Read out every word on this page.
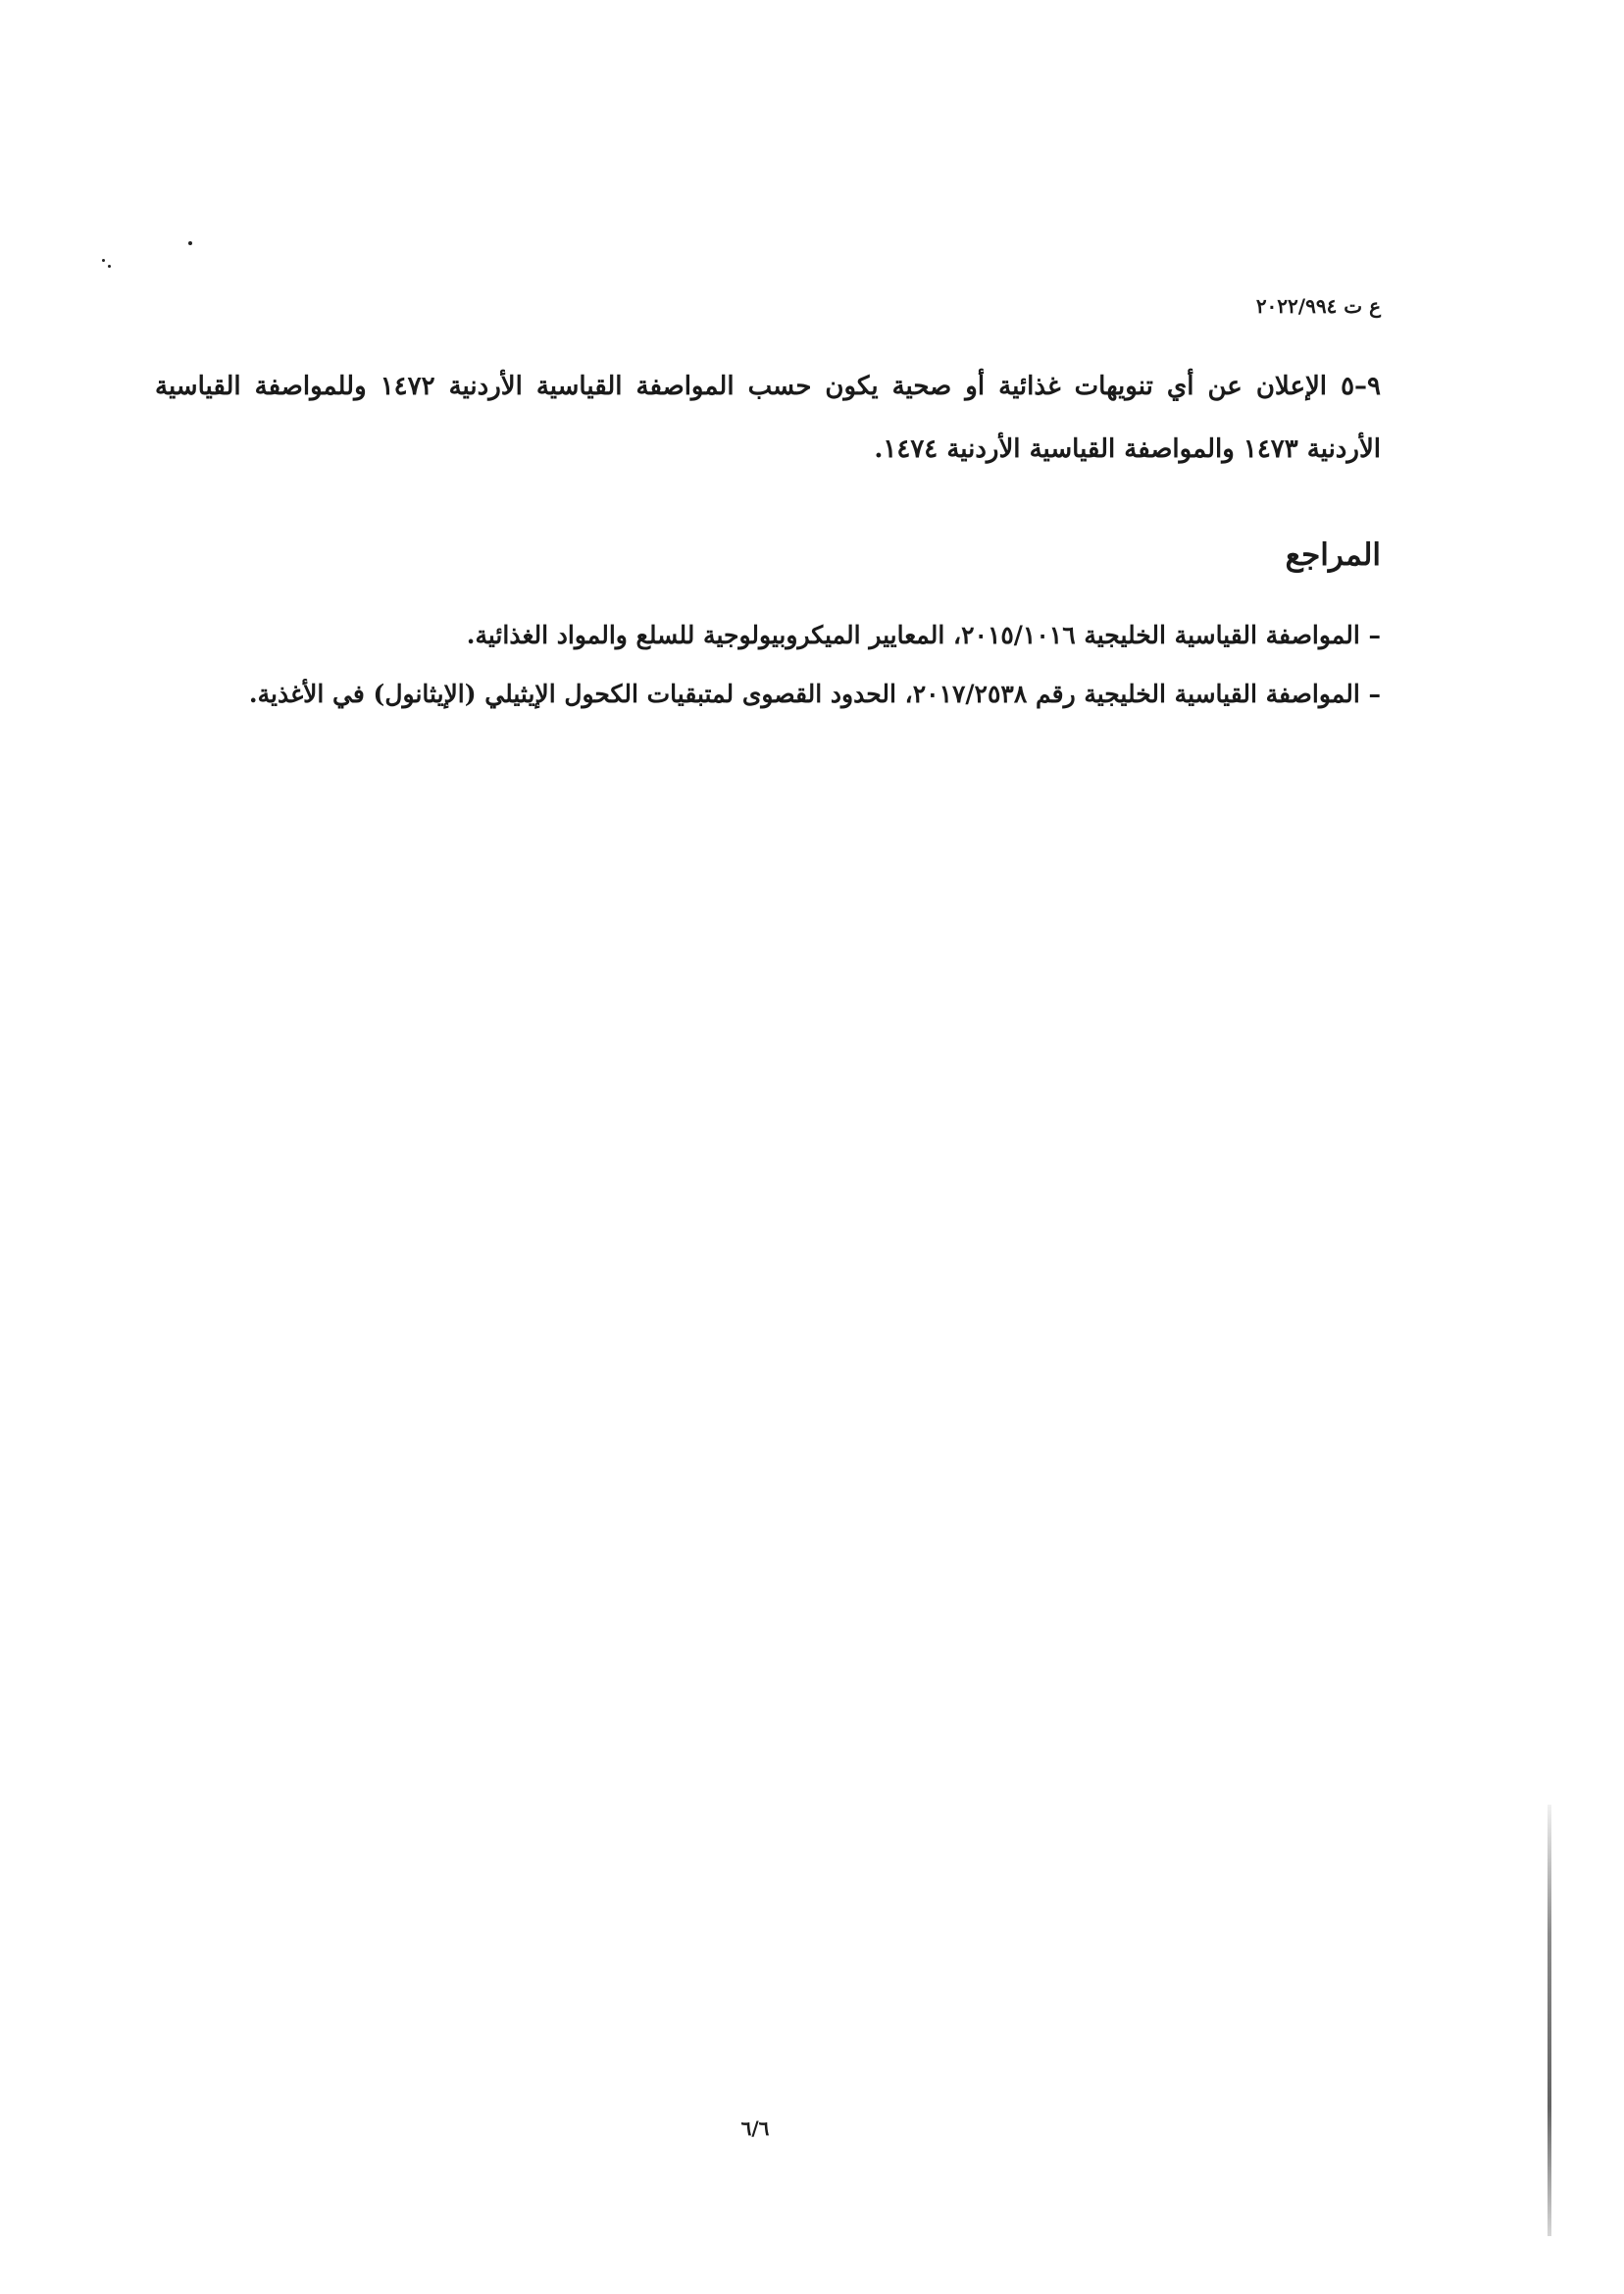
ع ت ٢٠٢٢/٩٩٤
٩–٥ الإعلان عن أي تنويهات غذائية أو صحية يكون حسب المواصفة القياسية الأردنية ١٤٧٢ وللمواصفة القياسية الأردنية ١٤٧٣ والمواصفة القياسية الأردنية ١٤٧٤.
المراجع
– المواصفة القياسية الخليجية ٢٠١٥/١٠١٦، المعايير الميكروبيولوجية للسلع والمواد الغذائية.
– المواصفة القياسية الخليجية رقم ٢٠١٧/٢٥٣٨، الحدود القصوى لمتبقيات الكحول الإيثيلي (الإيثانول) في الأغذية.
٦/٦
